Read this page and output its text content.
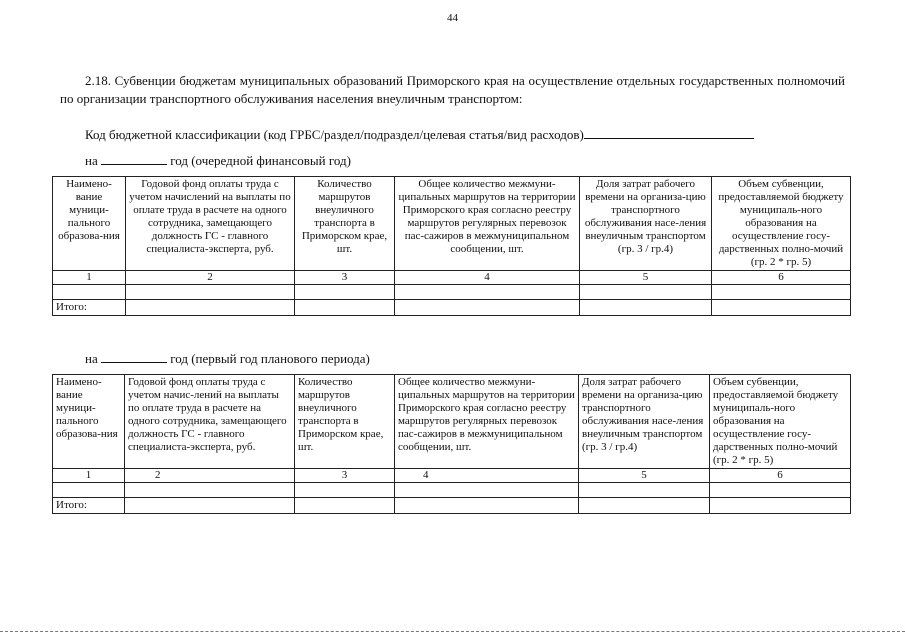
44
2.18. Субвенции бюджетам муниципальных образований Приморского края на осуществление отдельных государственных полномочий по организации транспортного обслуживания населения внеуличным транспортом:
Код бюджетной классификации (код ГРБС/раздел/подраздел/целевая статья/вид расходов)
на	год (очередной финансовый год)
Наимено-вание муници-пального образова-ния	Годовой фонд оплаты труда с учетом начислений на выплаты по оплате труда в расчете на одного сотрудника, замещающего должность ГС - главного специалиста-эксперта, руб.	Количество маршрутов внеуличного транспорта в Приморском крае, шт.	Общее количество межмуни-ципальных маршрутов на территории Приморского края согласно реестру маршрутов регулярных перевозок пас-сажиров в межмуниципальном сообщении, шт.	Доля затрат рабочего времени на организа-цию транспортного обслуживания насе-ления внеуличным транспортом (гр. 3 / гр.4)	Объем субвенции, предоставляемой бюджету муниципаль-ного образования на осуществление госу-дарственных полно-мочий (гр. 2 * гр. 5)
1	2	3	4	5	6

Итого:					
на	год (первый год планового периода)
Наимено-вание муници-пального образова-ния	Годовой фонд оплаты труда с учетом начис-лений на выплаты по оплате труда в расчете на одного сотрудника, замещающего должность ГС - главного специалиста-эксперта, руб.	Количество маршрутов внеуличного транспорта в Приморском крае, шт.	Общее количество межмуни-ципальных маршрутов на территории Приморского края согласно реестру маршрутов регулярных перевозок пас-сажиров в межмуниципальном сообщении, шт.	Доля затрат рабочего времени на организа-цию транспортного обслуживания насе-ления внеуличным транспортом (гр. 3 / гр.4)	Объем субвенции, предоставляемой бюджету муниципаль-ного образования на осуществление госу-дарственных полно-мочий (гр. 2 * гр. 5)
1	2	3	4	5	6

Итого:					
